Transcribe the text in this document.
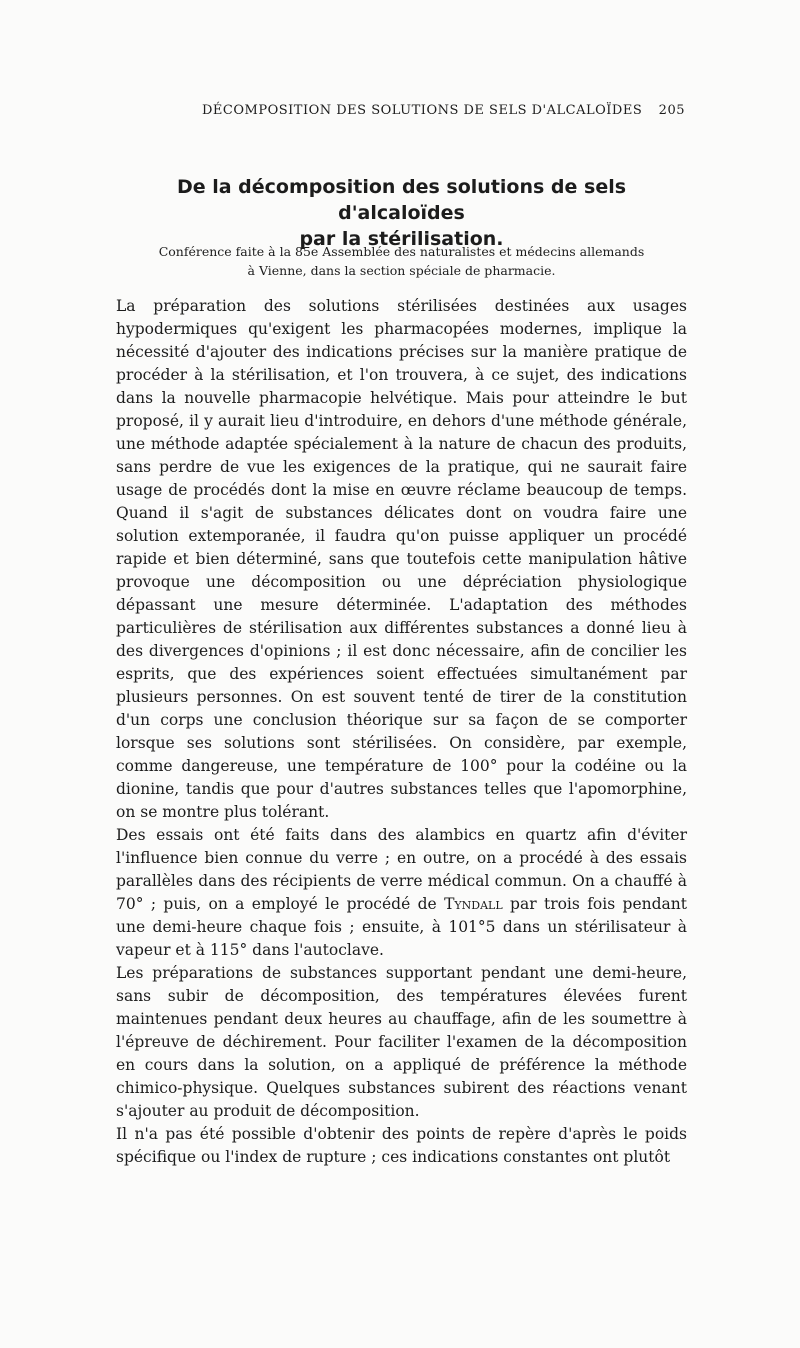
DÉCOMPOSITION DES SOLUTIONS DE SELS D'ALCALOÏDES 205
De la décomposition des solutions de sels d'alcaloïdes
par la stérilisation.
Conférence faite à la 85e Assemblée des naturalistes et médecins allemands
à Vienne, dans la section spéciale de pharmacie.

La préparation des solutions stérilisées destinées aux usages hypodermiques qu'exigent les pharmacopées modernes, implique la nécessité d'ajouter des indications précises sur la manière pratique de procéder à la stérilisation, et l'on trouvera, à ce sujet, des indications dans la nouvelle pharmacopie helvétique. Mais pour atteindre le but proposé, il y aurait lieu d'introduire, en dehors d'une méthode générale, une méthode adaptée spécialement à la nature de chacun des produits, sans perdre de vue les exigences de la pratique, qui ne saurait faire usage de procédés dont la mise en œuvre réclame beaucoup de temps. Quand il s'agit de substances délicates dont on voudra faire une solution extemporanée, il faudra qu'on puisse appliquer un procédé rapide et bien déterminé, sans que toutefois cette manipulation hâtive provoque une décomposition ou une dépréciation physiologique dépassant une mesure déterminée. L'adaptation des méthodes particulières de stérilisation aux différentes substances a donné lieu à des divergences d'opinions ; il est donc nécessaire, afin de concilier les esprits, que des expériences soient effectuées simultanément par plusieurs personnes. On est souvent tenté de tirer de la constitution d'un corps une conclusion théorique sur sa façon de se comporter lorsque ses solutions sont stérilisées. On considère, par exemple, comme dangereuse, une température de 100° pour la codéine ou la dionine, tandis que pour d'autres substances telles que l'apomorphine, on se montre plus tolérant.

Des essais ont été faits dans des alambics en quartz afin d'éviter l'influence bien connue du verre ; en outre, on a procédé à des essais parallèles dans des récipients de verre médical commun. On a chauffé à 70° ; puis, on a employé le procédé de Tyndall par trois fois pendant une demi-heure chaque fois ; ensuite, à 101°5 dans un stérilisateur à vapeur et à 115° dans l'autoclave.

Les préparations de substances supportant pendant une demi-heure, sans subir de décomposition, des températures élevées furent maintenues pendant deux heures au chauffage, afin de les soumettre à l'épreuve de déchirement. Pour faciliter l'examen de la décomposition en cours dans la solution, on a appliqué de préférence la méthode chimico-physique. Quelques substances subirent des réactions venant s'ajouter au produit de décomposition.

Il n'a pas été possible d'obtenir des points de repère d'après le poids spécifique ou l'index de rupture ; ces indications constantes ont plutôt
